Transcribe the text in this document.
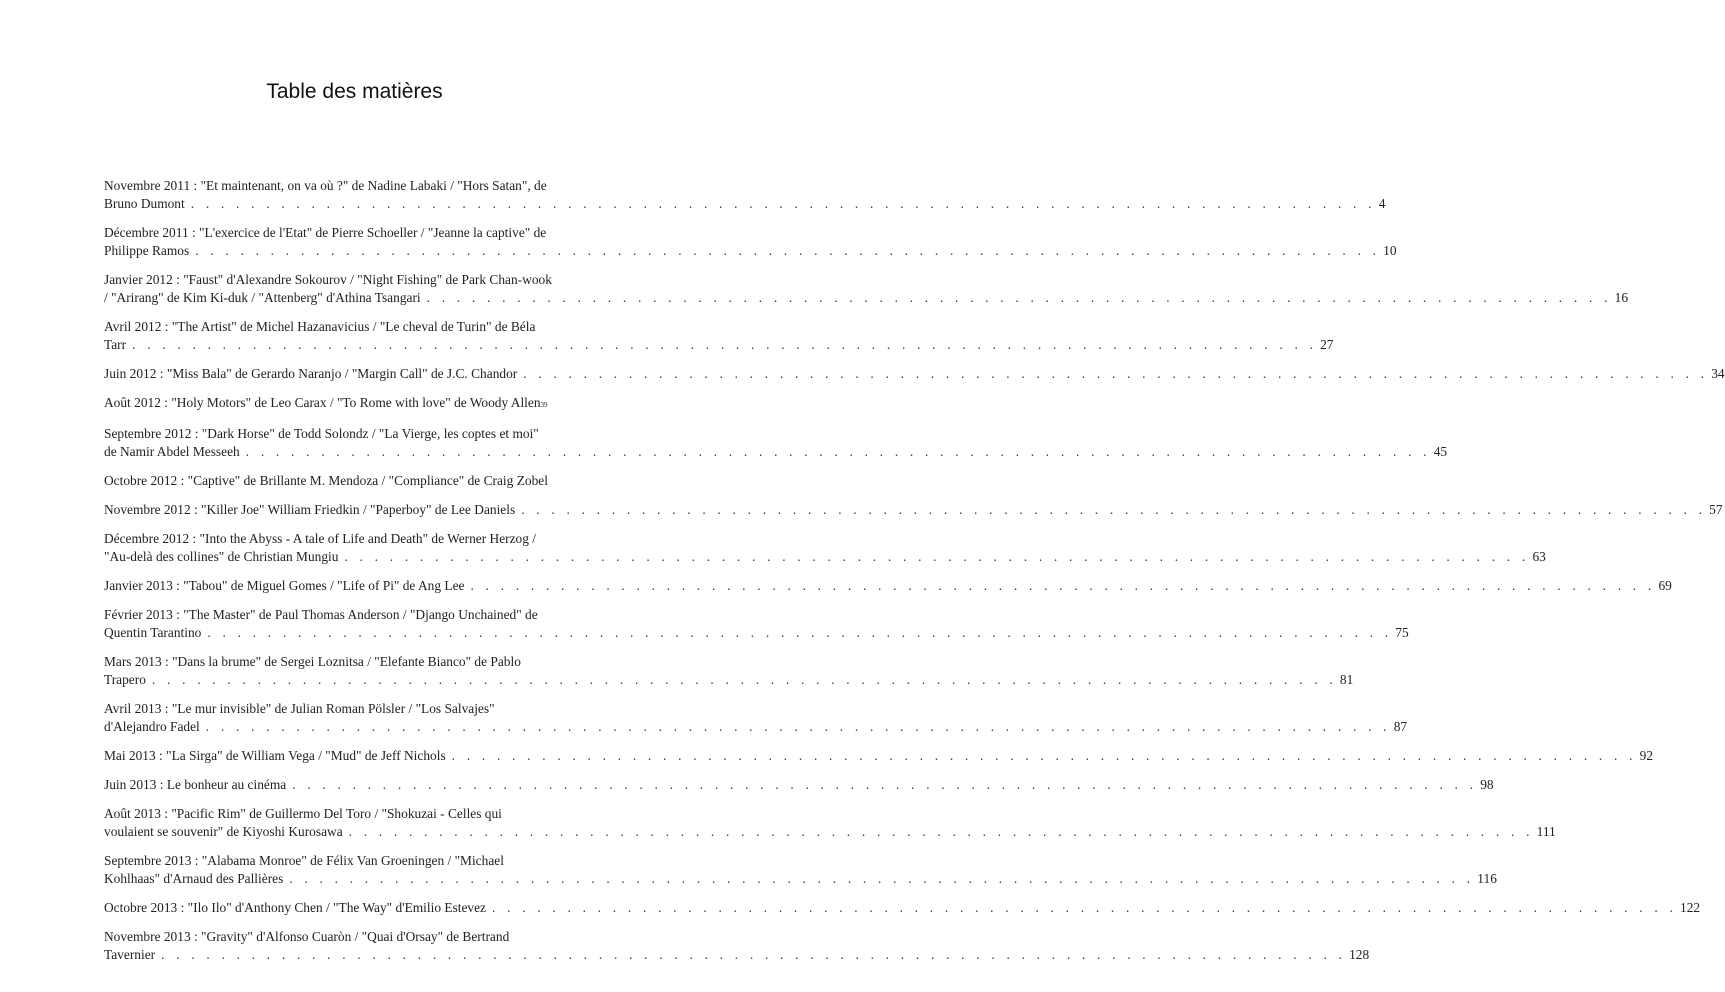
Table des matières
Novembre 2011 : "Et maintenant, on va où ?" de Nadine Labaki / "Hors Satan", de
Bruno Dumont . . .	4
Décembre 2011 : "L'exercice de l'Etat" de Pierre Schoeller / "Jeanne la captive" de
Philippe Ramos . . .	10
Janvier 2012 : "Faust" d'Alexandre Sokourov / "Night Fishing" de Park Chan-wook
/ "Arirang" de Kim Ki-duk / "Attenberg" d'Athina Tsangari . . .	16
Avril 2012 : "The Artist" de Michel Hazanavicius / "Le cheval de Turin" de Béla
Tarr . . .	27
Juin 2012 : "Miss Bala" de Gerardo Naranjo / "Margin Call" de J.C. Chandor . . .	34
Août 2012 : "Holy Motors" de Leo Carax / "To Rome with love" de Woody Allen 39
Septembre 2012 : "Dark Horse" de Todd Solondz / "La Vierge, les coptes et moi"
de Namir Abdel Messeeh . . .	45
Octobre 2012 : "Captive" de Brillante M. Mendoza / "Compliance" de Craig Zobel
Novembre 2012 : "Killer Joe" William Friedkin / "Paperboy" de Lee Daniels . . .	57
Décembre 2012 : "Into the Abyss - A tale of Life and Death" de Werner Herzog /
"Au-delà des collines" de Christian Mungiu . . .	63
Janvier 2013 : "Tabou" de Miguel Gomes / "Life of Pi" de Ang Lee . . .	69
Février 2013 : "The Master" de Paul Thomas Anderson / "Django Unchained" de
Quentin Tarantino . . .	75
Mars 2013 : "Dans la brume" de Sergei Loznitsa / "Elefante Bianco" de Pablo
Trapero . . .	81
Avril 2013 : "Le mur invisible" de Julian Roman Pölsler / "Los Salvajes"
d'Alejandro Fadel . . .	87
Mai 2013 : "La Sirga" de William Vega / "Mud" de Jeff Nichols . . .	92
Juin 2013 : Le bonheur au cinéma . . .	98
Août 2013 : "Pacific Rim" de Guillermo Del Toro / "Shokuzai - Celles qui
voulaient se souvenir" de Kiyoshi Kurosawa . . .	111
Septembre 2013 : "Alabama Monroe" de Félix Van Groeningen / "Michael
Kohlhaas" d'Arnaud des Pallières . . .	116
Octobre 2013 : "Ilo Ilo" d'Anthony Chen / "The Way" d'Emilio Estevez . . .	122
Novembre 2013 : "Gravity" d'Alfonso Cuaròn / "Quai d'Orsay" de Bertrand
Tavernier . . .	128
